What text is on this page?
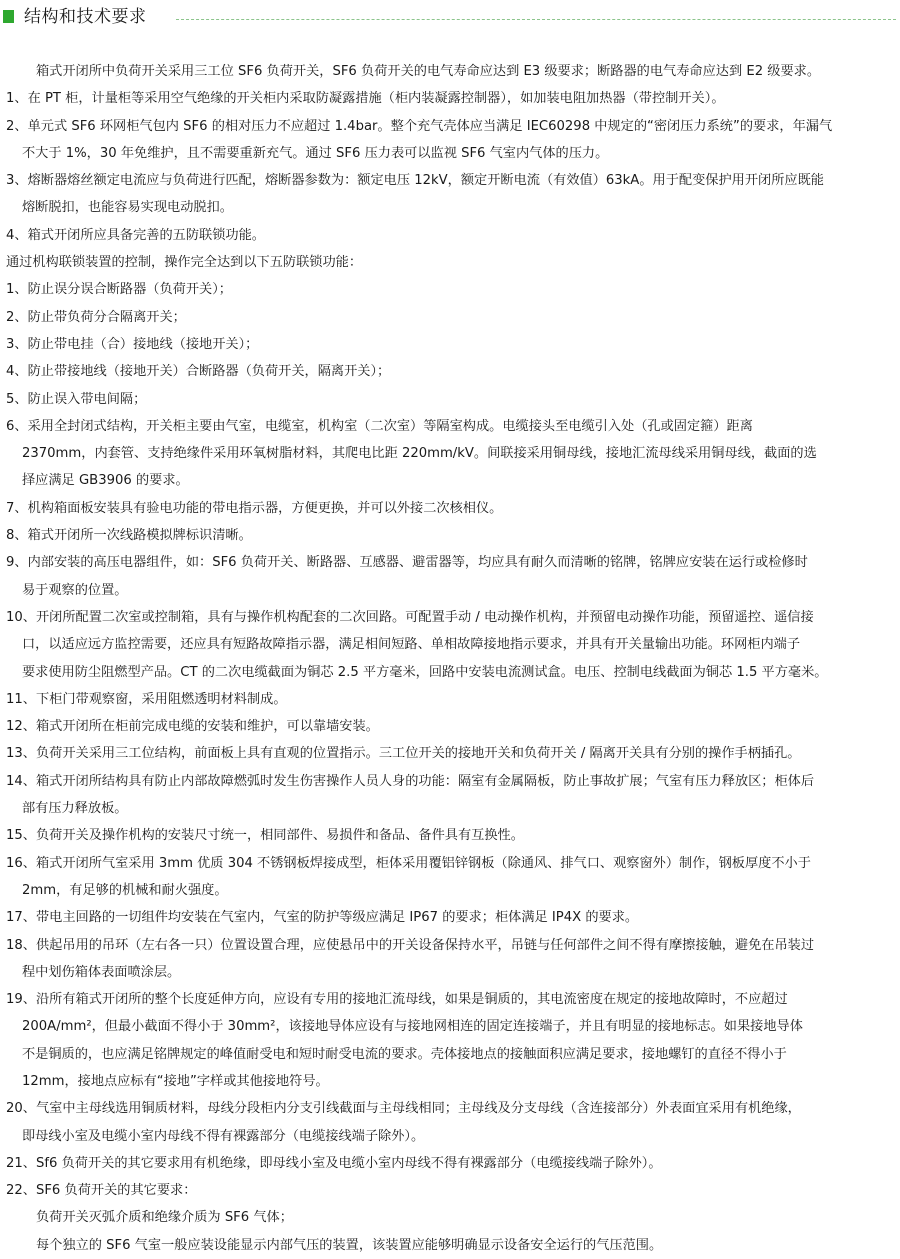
结构和技术要求
箱式开闭所中负荷开关采用三工位 SF6 负荷开关，SF6 负荷开关的电气寿命应达到 E3 级要求；断路器的电气寿命应达到 E2 级要求。
1、在 PT 柜，计量柜等采用空气绝缘的开关柜内采取防凝露措施（柜内装凝露控制器），如加装电阻加热器（带控制开关）。
2、单元式 SF6 环网柜气包内 SF6 的相对压力不应超过 1.4bar。整个充气壳体应当满足 IEC60298 中规定的“密闭压力系统”的要求，年漏气
不大于 1%，30 年免维护，且不需要重新充气。通过 SF6 压力表可以监视 SF6 气室内气体的压力。
3、熔断器熔丝额定电流应与负荷进行匹配，熔断器参数为：额定电压 12kV，额定开断电流（有效值）63kA。用于配变保护用开闭所应既能
熔断脱扣，也能容易实现电动脱扣。
4、箱式开闭所应具备完善的五防联锁功能。
通过机构联锁装置的控制，操作完全达到以下五防联锁功能：
1、防止误分误合断路器（负荷开关）；
2、防止带负荷分合隔离开关；
3、防止带电挂（合）接地线（接地开关）；
4、防止带接地线（接地开关）合断路器（负荷开关，隔离开关）；
5、防止误入带电间隔；
6、采用全封闭式结构，开关柜主要由气室，电缆室，机构室（二次室）等隔室构成。电缆接头至电缆引入处（孔或固定箍）距离
2370mm，内套管、支持绝缘件采用环氧树脂材料，其爬电比距 220mm/kV。间联接采用铜母线，接地汇流母线采用铜母线，截面的选
择应满足 GB3906 的要求。
7、机构箱面板安装具有验电功能的带电指示器，方便更换，并可以外接二次核相仪。
8、箱式开闭所一次线路模拟牌标识清晰。
9、内部安装的高压电器组件，如：SF6 负荷开关、断路器、互感器、避雷器等，均应具有耐久而清晰的铭牌，铭牌应安装在运行或检修时
易于观察的位置。
10、开闭所配置二次室或控制箱，具有与操作机构配套的二次回路。可配置手动 / 电动操作机构，并预留电动操作功能，预留遥控、遥信接
口，以适应远方监控需要，还应具有短路故障指示器，满足相间短路、单相故障接地指示要求，并具有开关量输出功能。环网柜内端子
要求使用防尘阻燃型产品。CT 的二次电缆截面为铜芯 2.5 平方毫米，回路中安装电流测试盒。电压、控制电线截面为铜芯 1.5 平方毫米。
11、下柜门带观察窗，采用阻燃透明材料制成。
12、箱式开闭所在柜前完成电缆的安装和维护，可以靠墙安装。
13、负荷开关采用三工位结构，前面板上具有直观的位置指示。三工位开关的接地开关和负荷开关 / 隔离开关具有分别的操作手柄插孔。
14、箱式开闭所结构具有防止内部故障燃弧时发生伤害操作人员人身的功能：隔室有金属隔板，防止事故扩展；气室有压力释放区；柜体后
部有压力释放板。
15、负荷开关及操作机构的安装尺寸统一，相同部件、易损件和备品、备件具有互换性。
16、箱式开闭所气室采用 3mm 优质 304 不锈钢板焊接成型，柜体采用覆铝锌钢板（除通风、排气口、观察窗外）制作，钢板厚度不小于
2mm，有足够的机械和耐火强度。
17、带电主回路的一切组件均安装在气室内，气室的防护等级应满足 IP67 的要求；柜体满足 IP4X 的要求。
18、供起吊用的吊环（左右各一只）位置设置合理，应使悬吊中的开关设备保持水平，吊链与任何部件之间不得有摩擦接触，避免在吊装过
程中划伤箱体表面喷涂层。
19、沿所有箱式开闭所的整个长度延伸方向，应设有专用的接地汇流母线，如果是铜质的，其电流密度在规定的接地故障时，不应超过
200A/mm²，但最小截面不得小于 30mm²，该接地导体应设有与接地网相连的固定连接端子，并且有明显的接地标志。如果接地导体
不是铜质的，也应满足铭牌规定的峰值耐受电和短时耐受电流的要求。壳体接地点的接触面积应满足要求，接地螺钉的直径不得小于
12mm，接地点应标有“接地”字样或其他接地符号。
20、气室中主母线选用铜质材料，母线分段柜内分支引线截面与主母线相同；主母线及分支母线（含连接部分）外表面宜采用有机绝缘，
即母线小室及电缆小室内母线不得有裸露部分（电缆接线端子除外）。
21、Sf6 负荷开关的其它要求用有机绝缘，即母线小室及电缆小室内母线不得有裸露部分（电缆接线端子除外）。
22、SF6 负荷开关的其它要求：
负荷开关灭弧介质和绝缘介质为 SF6 气体；
每个独立的 SF6 气室一般应装设能显示内部气压的装置，该装置应能够明确显示设备安全运行的气压范围。
